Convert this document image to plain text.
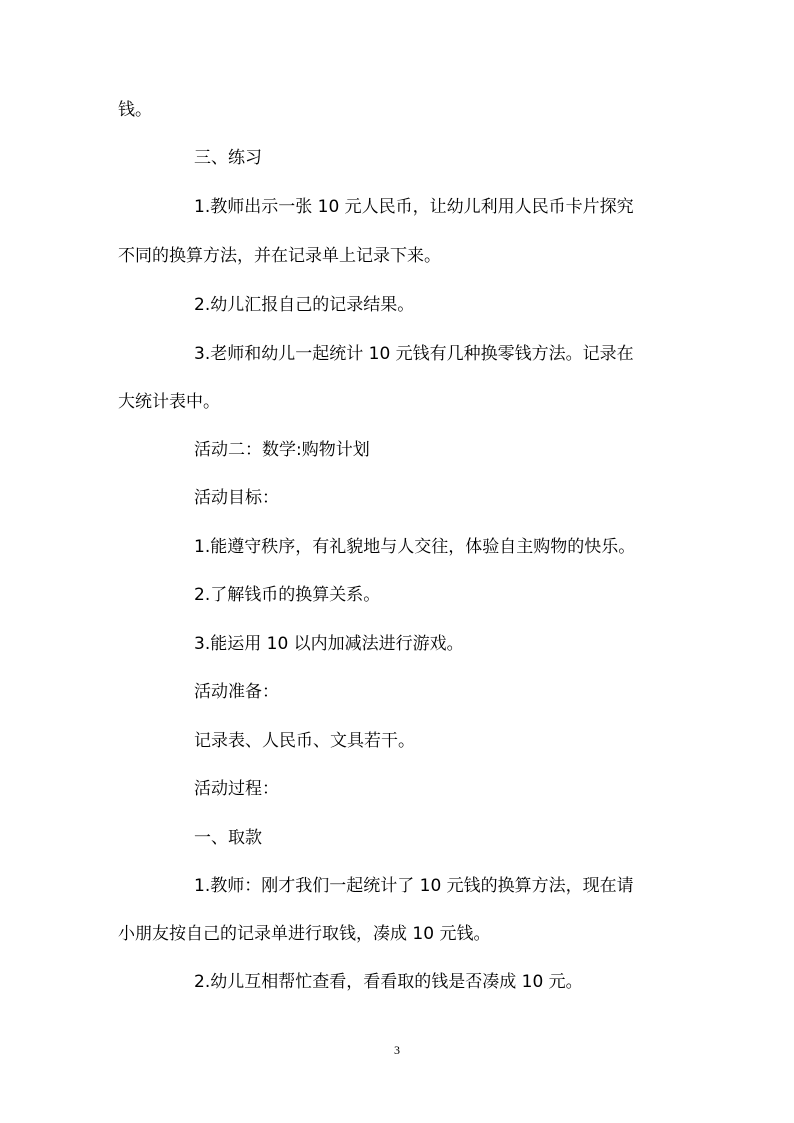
钱。
三、练习
1.教师出示一张 10 元人民币，让幼儿利用人民币卡片探究
不同的换算方法，并在记录单上记录下来。
2.幼儿汇报自己的记录结果。
3.老师和幼儿一起统计 10 元钱有几种换零钱方法。记录在
大统计表中。
活动二：数学:购物计划
活动目标：
1.能遵守秩序，有礼貌地与人交往，体验自主购物的快乐。
2.了解钱币的换算关系。
3.能运用 10 以内加减法进行游戏。
活动准备：
记录表、人民币、文具若干。
活动过程：
一、取款
1.教师：刚才我们一起统计了 10 元钱的换算方法，现在请
小朋友按自己的记录单进行取钱，凑成 10 元钱。
2.幼儿互相帮忙查看，看看取的钱是否凑成 10 元。
3
